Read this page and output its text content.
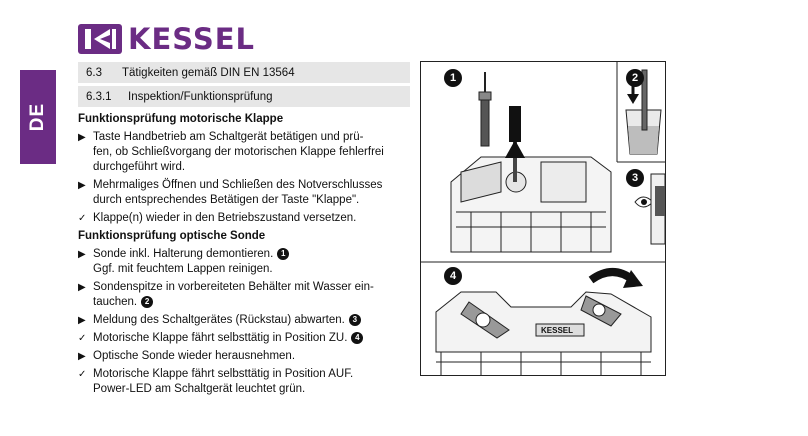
KESSEL
DE
6.3	Tätigkeiten gemäß DIN EN 13564
6.3.1	Inspektion/Funktionsprüfung
Funktionsprüfung motorische Klappe
▶ Taste Handbetrieb am Schaltgerät betätigen und prü-
fen, ob Schließvorgang der motorischen Klappe fehlerfrei
durchgeführt wird.
▶ Mehrmaliges Öffnen und Schließen des Notverschlusses
durch entsprechendes Betätigen der Taste "Klappe".
✓ Klappe(n) wieder in den Betriebszustand versetzen.
Funktionsprüfung optische Sonde
▶ Sonde inkl. Halterung demontieren. 1
Ggf. mit feuchtem Lappen reinigen.
▶ Sondenspitze in vorbereiteten Behälter mit Wasser ein-
tauchen. 2
▶ Meldung des Schaltgerätes (Rückstau) abwarten. 3
✓ Motorische Klappe fährt selbsttätig in Position ZU. 4
▶ Optische Sonde wieder herausnehmen.
✓ Motorische Klappe fährt selbsttätig in Position AUF.
Power-LED am Schaltgerät leuchtet grün.
KESSEL
1	2
3
4
